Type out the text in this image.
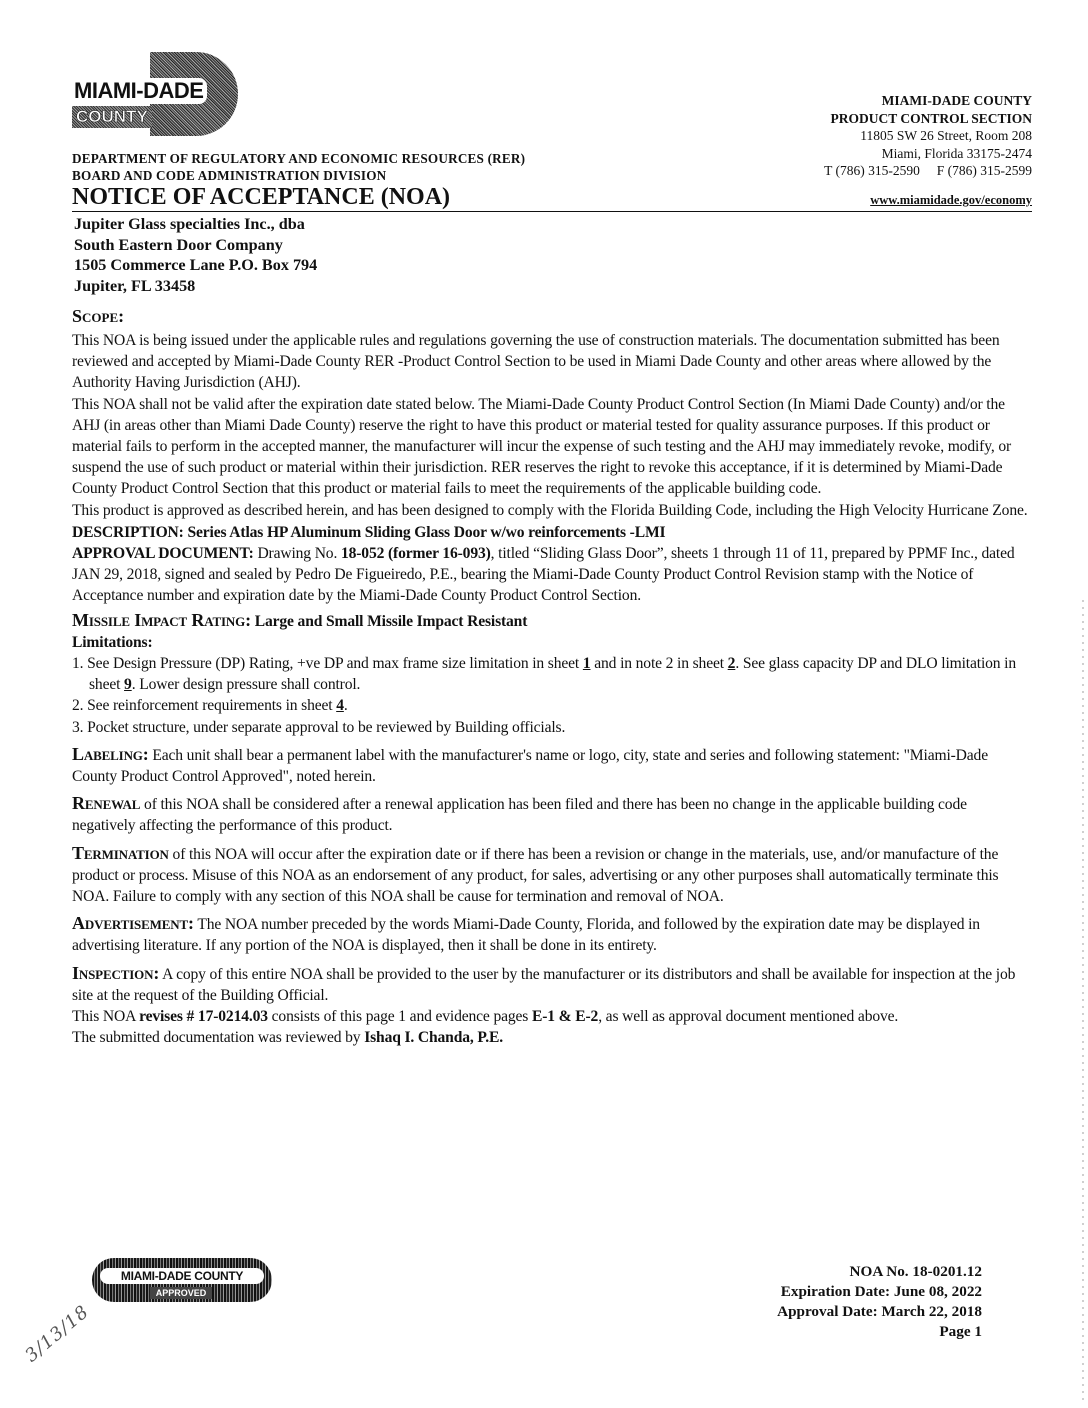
MIAMI-DADE
COUNTY
DEPARTMENT OF REGULATORY AND ECONOMIC RESOURCES (RER)
BOARD AND CODE ADMINISTRATION DIVISION
NOTICE OF ACCEPTANCE (NOA)
MIAMI-DADE COUNTY
PRODUCT CONTROL SECTION
11805 SW 26 Street, Room 208
Miami, Florida 33175-2474
T (786) 315-2590 F (786) 315-2599
www.miamidade.gov/economy
Jupiter Glass specialties Inc., dba
South Eastern Door Company
1505 Commerce Lane P.O. Box 794
Jupiter, FL 33458
Scope:

This NOA is being issued under the applicable rules and regulations governing the use of construction materials. The documentation submitted has been reviewed and accepted by Miami-Dade County RER -Product Control Section to be used in Miami Dade County and other areas where allowed by the Authority Having Jurisdiction (AHJ).

This NOA shall not be valid after the expiration date stated below. The Miami-Dade County Product Control Section (In Miami Dade County) and/or the AHJ (in areas other than Miami Dade County) reserve the right to have this product or material tested for quality assurance purposes. If this product or material fails to perform in the accepted manner, the manufacturer will incur the expense of such testing and the AHJ may immediately revoke, modify, or suspend the use of such product or material within their jurisdiction. RER reserves the right to revoke this acceptance, if it is determined by Miami-Dade County Product Control Section that this product or material fails to meet the requirements of the applicable building code.

This product is approved as described herein, and has been designed to comply with the Florida Building Code, including the High Velocity Hurricane Zone.

DESCRIPTION: Series Atlas HP Aluminum Sliding Glass Door w/wo reinforcements -LMI

APPROVAL DOCUMENT: Drawing No. 18-052 (former 16-093), titled “Sliding Glass Door”, sheets 1 through 11 of 11, prepared by PPMF Inc., dated JAN 29, 2018, signed and sealed by Pedro De Figueiredo, P.E., bearing the Miami-Dade County Product Control Revision stamp with the Notice of Acceptance number and expiration date by the Miami-Dade County Product Control Section.

Missile Impact Rating: Large and Small Missile Impact Resistant

Limitations:

1. See Design Pressure (DP) Rating, +ve DP and max frame size limitation in sheet 1 and in note 2 in sheet 2. See glass capacity DP and DLO limitation in sheet 9. Lower design pressure shall control.
2. See reinforcement requirements in sheet 4.
3. Pocket structure, under separate approval to be reviewed by Building officials.

Labeling: Each unit shall bear a permanent label with the manufacturer's name or logo, city, state and series and following statement: "Miami-Dade County Product Control Approved", noted herein.

Renewal of this NOA shall be considered after a renewal application has been filed and there has been no change in the applicable building code negatively affecting the performance of this product.

Termination of this NOA will occur after the expiration date or if there has been a revision or change in the materials, use, and/or manufacture of the product or process. Misuse of this NOA as an endorsement of any product, for sales, advertising or any other purposes shall automatically terminate this NOA. Failure to comply with any section of this NOA shall be cause for termination and removal of NOA.

Advertisement: The NOA number preceded by the words Miami-Dade County, Florida, and followed by the expiration date may be displayed in advertising literature. If any portion of the NOA is displayed, then it shall be done in its entirety.

Inspection: A copy of this entire NOA shall be provided to the user by the manufacturer or its distributors and shall be available for inspection at the job site at the request of the Building Official.

This NOA revises # 17-0214.03 consists of this page 1 and evidence pages E-1 & E-2, as well as approval document mentioned above.

The submitted documentation was reviewed by Ishaq I. Chanda, P.E.

MIAMI-DADE COUNTY
APPROVED
3/13/18
NOA No. 18-0201.12
Expiration Date: June 08, 2022
Approval Date: March 22, 2018
Page 1
